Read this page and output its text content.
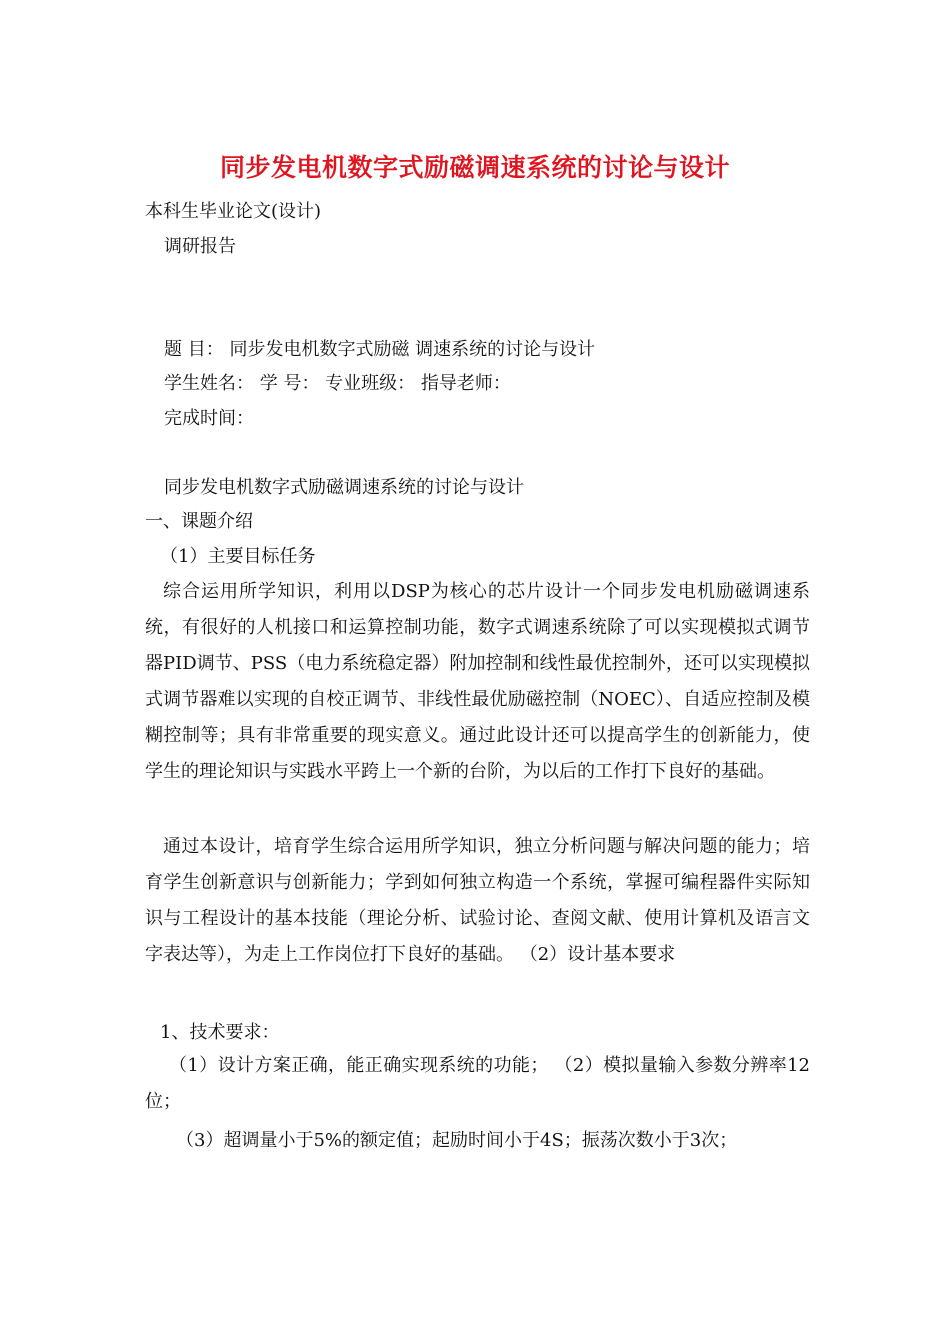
同步发电机数字式励磁调速系统的讨论与设计
本科生毕业论文(设计)
调研报告
题 目： 同步发电机数字式励磁 调速系统的讨论与设计
学生姓名： 学 号： 专业班级： 指导老师：
完成时间：
同步发电机数字式励磁调速系统的讨论与设计
一、课题介绍
（1）主要目标任务
综合运用所学知识，利用以DSP为核心的芯片设计一个同步发电机励磁调速系统，有很好的人机接口和运算控制功能，数字式调速系统除了可以实现模拟式调节器PID调节、PSS（电力系统稳定器）附加控制和线性最优控制外，还可以实现模拟式调节器难以实现的自校正调节、非线性最优励磁控制（NOEC）、自适应控制及模糊控制等；具有非常重要的现实意义。通过此设计还可以提高学生的创新能力，使学生的理论知识与实践水平跨上一个新的台阶，为以后的工作打下良好的基础。
通过本设计，培育学生综合运用所学知识，独立分析问题与解决问题的能力；培育学生创新意识与创新能力；学到如何独立构造一个系统，掌握可编程器件实际知识与工程设计的基本技能（理论分析、试验讨论、查阅文献、使用计算机及语言文字表达等），为走上工作岗位打下良好的基础。 （2）设计基本要求
1、技术要求：
（1）设计方案正确，能正确实现系统的功能； （2）模拟量输入参数分辨率12位；
（3）超调量小于5%的额定值；起励时间小于4S；振荡次数小于3次；
